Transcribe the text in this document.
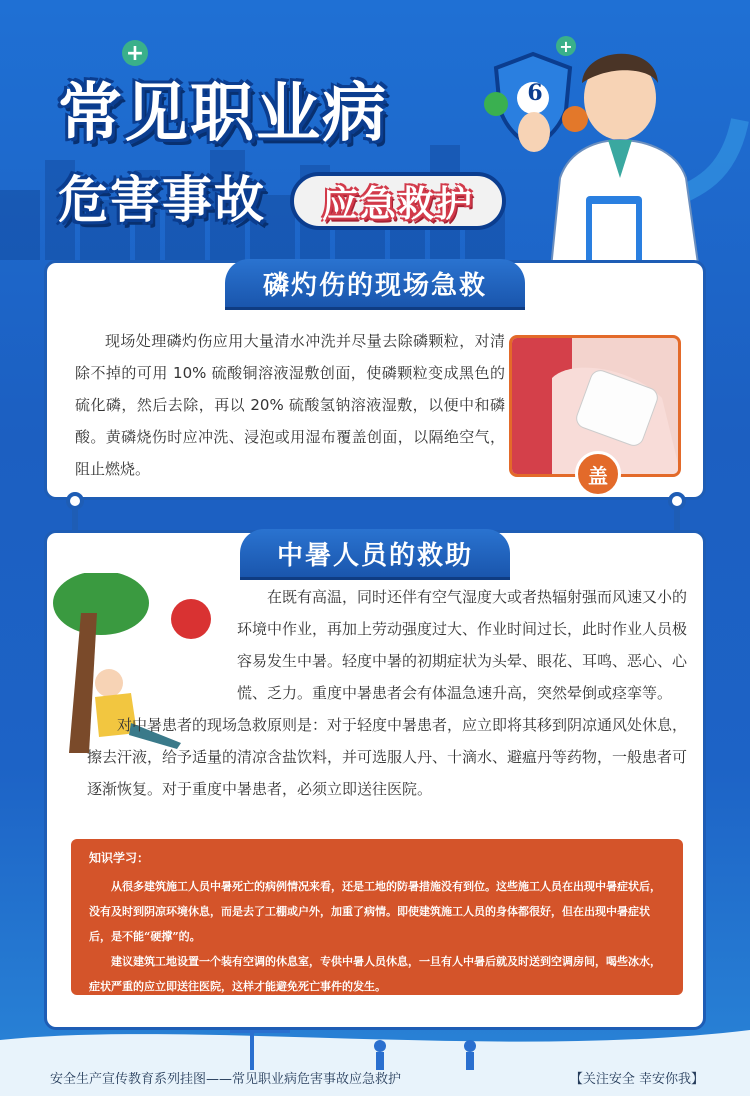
+	+
常见职业病
危害事故 应急救护
6
磷灼伤的现场急救
现场处理磷灼伤应用大量清水冲洗并尽量去除磷颗粒，对清除不掉的可用 10% 硫酸铜溶液湿敷创面，使磷颗粒变成黑色的硫化磷，然后去除，再以 20% 硫酸氢钠溶液湿敷，以便中和磷酸。黄磷烧伤时应冲洗、浸泡或用湿布覆盖创面，以隔绝空气，阻止燃烧。	盖
中暑人员的救助
在既有高温，同时还伴有空气湿度大或者热辐射强而风速又小的环境中作业，再加上劳动强度过大、作业时间过长，此时作业人员极容易发生中暑。轻度中暑的初期症状为头晕、眼花、耳鸣、恶心、心慌、乏力。重度中暑患者会有体温急速升高，突然晕倒或痉挛等。
对中暑患者的现场急救原则是：对于轻度中暑患者，应立即将其移到阴凉通风处休息，擦去汗液，给予适量的清凉含盐饮料，并可选服人丹、十滴水、避瘟丹等药物，一般患者可逐渐恢复。对于重度中暑患者，必须立即送往医院。
知识学习：

从很多建筑施工人员中暑死亡的病例情况来看，还是工地的防暑措施没有到位。这些施工人员在出现中暑症状后，没有及时到阴凉环境休息，而是去了工棚或户外，加重了病情。即使建筑施工人员的身体都很好，但在出现中暑症状后，是不能“硬撑”的。

建议建筑工地设置一个装有空调的休息室，专供中暑人员休息，一旦有人中暑后就及时送到空调房间，喝些冰水，症状严重的应立即送往医院，这样才能避免死亡事件的发生。

安全生产宣传教育系列挂图——常见职业病危害事故应急救护	【关注安全 幸安你我】
